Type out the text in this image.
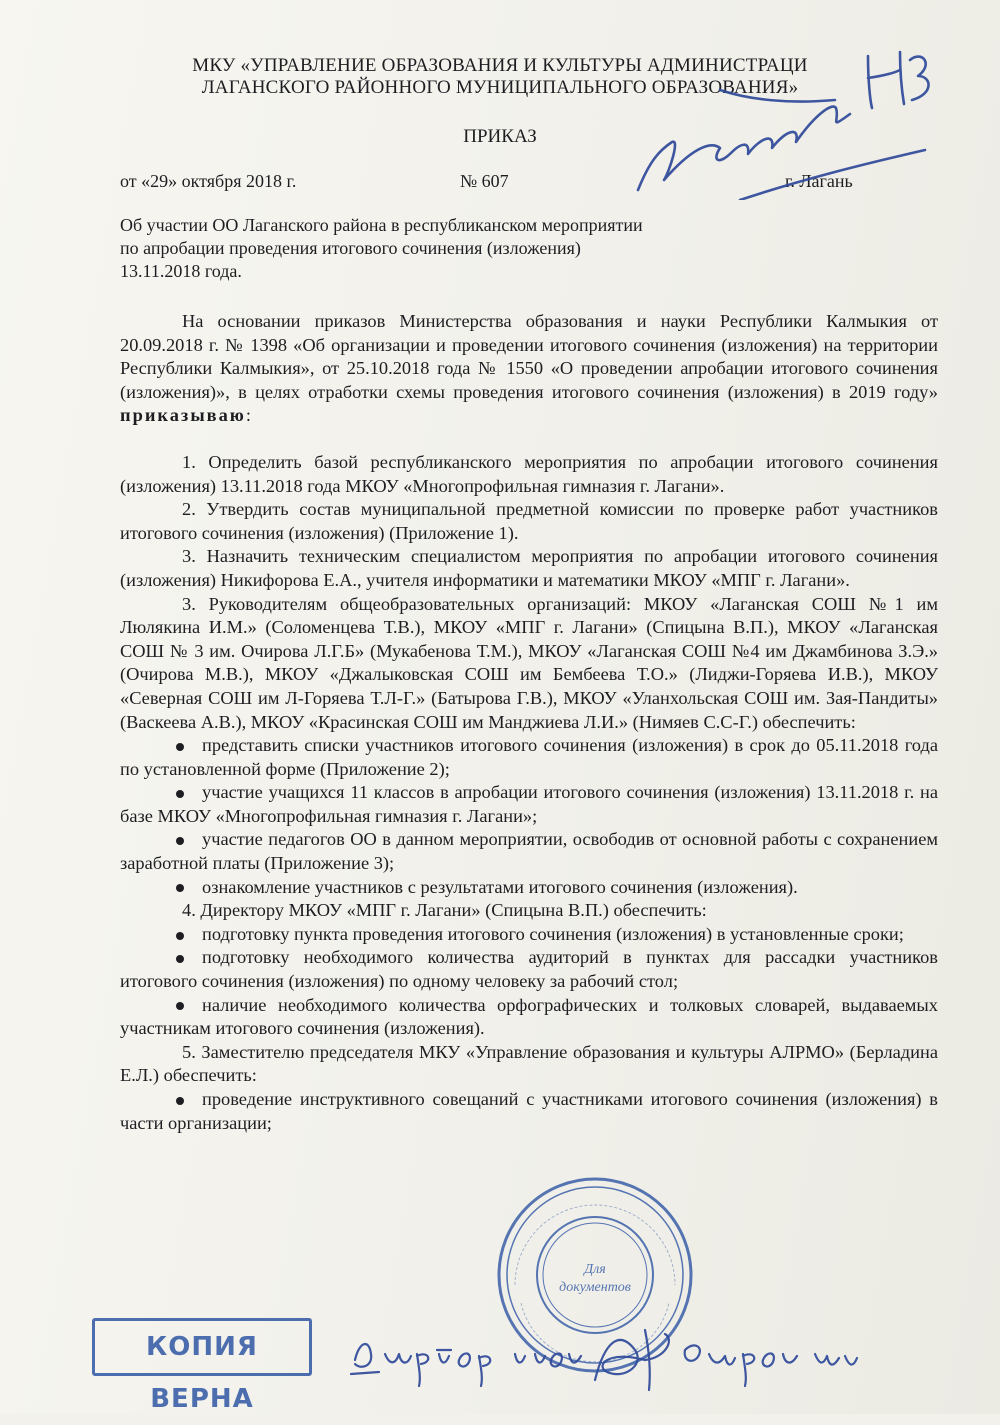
МКУ «УПРАВЛЕНИЕ ОБРАЗОВАНИЯ И КУЛЬТУРЫ АДМИНИСТРАЦИ
ЛАГАНСКОГО РАЙОННОГО МУНИЦИПАЛЬНОГО ОБРАЗОВАНИЯ»
ПРИКАЗ
от «29» октября 2018 г.	№ 607	г. Лагань
Об участии ОО Лаганского района в республиканском мероприятии
по апробации проведения итогового сочинения (изложения)
13.11.2018 года.

На основании приказов Министерства образования и науки Республики Калмыкия от 20.09.2018 г. № 1398 «Об организации и проведении итогового сочинения (изложения) на территории Республики Калмыкия», от 25.10.2018 года № 1550 «О проведении апробации итогового сочинения (изложения)», в целях отработки схемы проведения итогового сочинения (изложения) в 2019 году» приказываю:

1. Определить базой республиканского мероприятия по апробации итогового сочинения (изложения) 13.11.2018 года МКОУ «Многопрофильная гимназия г. Лагани».

2. Утвердить состав муниципальной предметной комиссии по проверке работ участников итогового сочинения (изложения) (Приложение 1).

3. Назначить техническим специалистом мероприятия по апробации итогового сочинения (изложения) Никифорова Е.А., учителя информатики и математики МКОУ «МПГ г. Лагани».

3. Руководителям общеобразовательных организаций: МКОУ «Лаганская СОШ №1 им Люлякина И.М.» (Соломенцева Т.В.), МКОУ «МПГ г. Лагани» (Спицына В.П.), МКОУ «Лаганская СОШ № 3 им. Очирова Л.Г.Б» (Мукабенова Т.М.), МКОУ «Лаганская СОШ №4 им Джамбинова З.Э.» (Очирова М.В.), МКОУ «Джалыковская СОШ им Бембеева Т.О.» (Лиджи-Горяева И.В.), МКОУ «Северная СОШ им Л-Горяева Т.Л-Г.» (Батырова Г.В.), МКОУ «Уланхольская СОШ им. Зая-Пандиты» (Васкеева А.В.), МКОУ «Красинская СОШ им Манджиева Л.И.» (Нимяев С.С-Г.) обеспечить:

представить списки участников итогового сочинения (изложения) в срок до 05.11.2018 года по установленной форме (Приложение 2);

участие учащихся 11 классов в апробации итогового сочинения (изложения) 13.11.2018 г. на базе МКОУ «Многопрофильная гимназия г. Лагани»;

участие педагогов ОО в данном мероприятии, освободив от основной работы с сохранением заработной платы (Приложение 3);

ознакомление участников с результатами итогового сочинения (изложения).

4. Директору МКОУ «МПГ г. Лагани» (Спицына В.П.) обеспечить:

подготовку пункта проведения итогового сочинения (изложения) в установленные сроки;

подготовку необходимого количества аудиторий в пунктах для рассадки участников итогового сочинения (изложения) по одному человеку за рабочий стол;

наличие необходимого количества орфографических и толковых словарей, выдаваемых участникам итогового сочинения (изложения).

5. Заместителю председателя МКУ «Управление образования и культуры АЛРМО» (Берладина Е.Л.) обеспечить:

проведение инструктивного совещаний с участниками итогового сочинения (изложения) в части организации;

Для
документов
КОПИЯ ВЕРНА
